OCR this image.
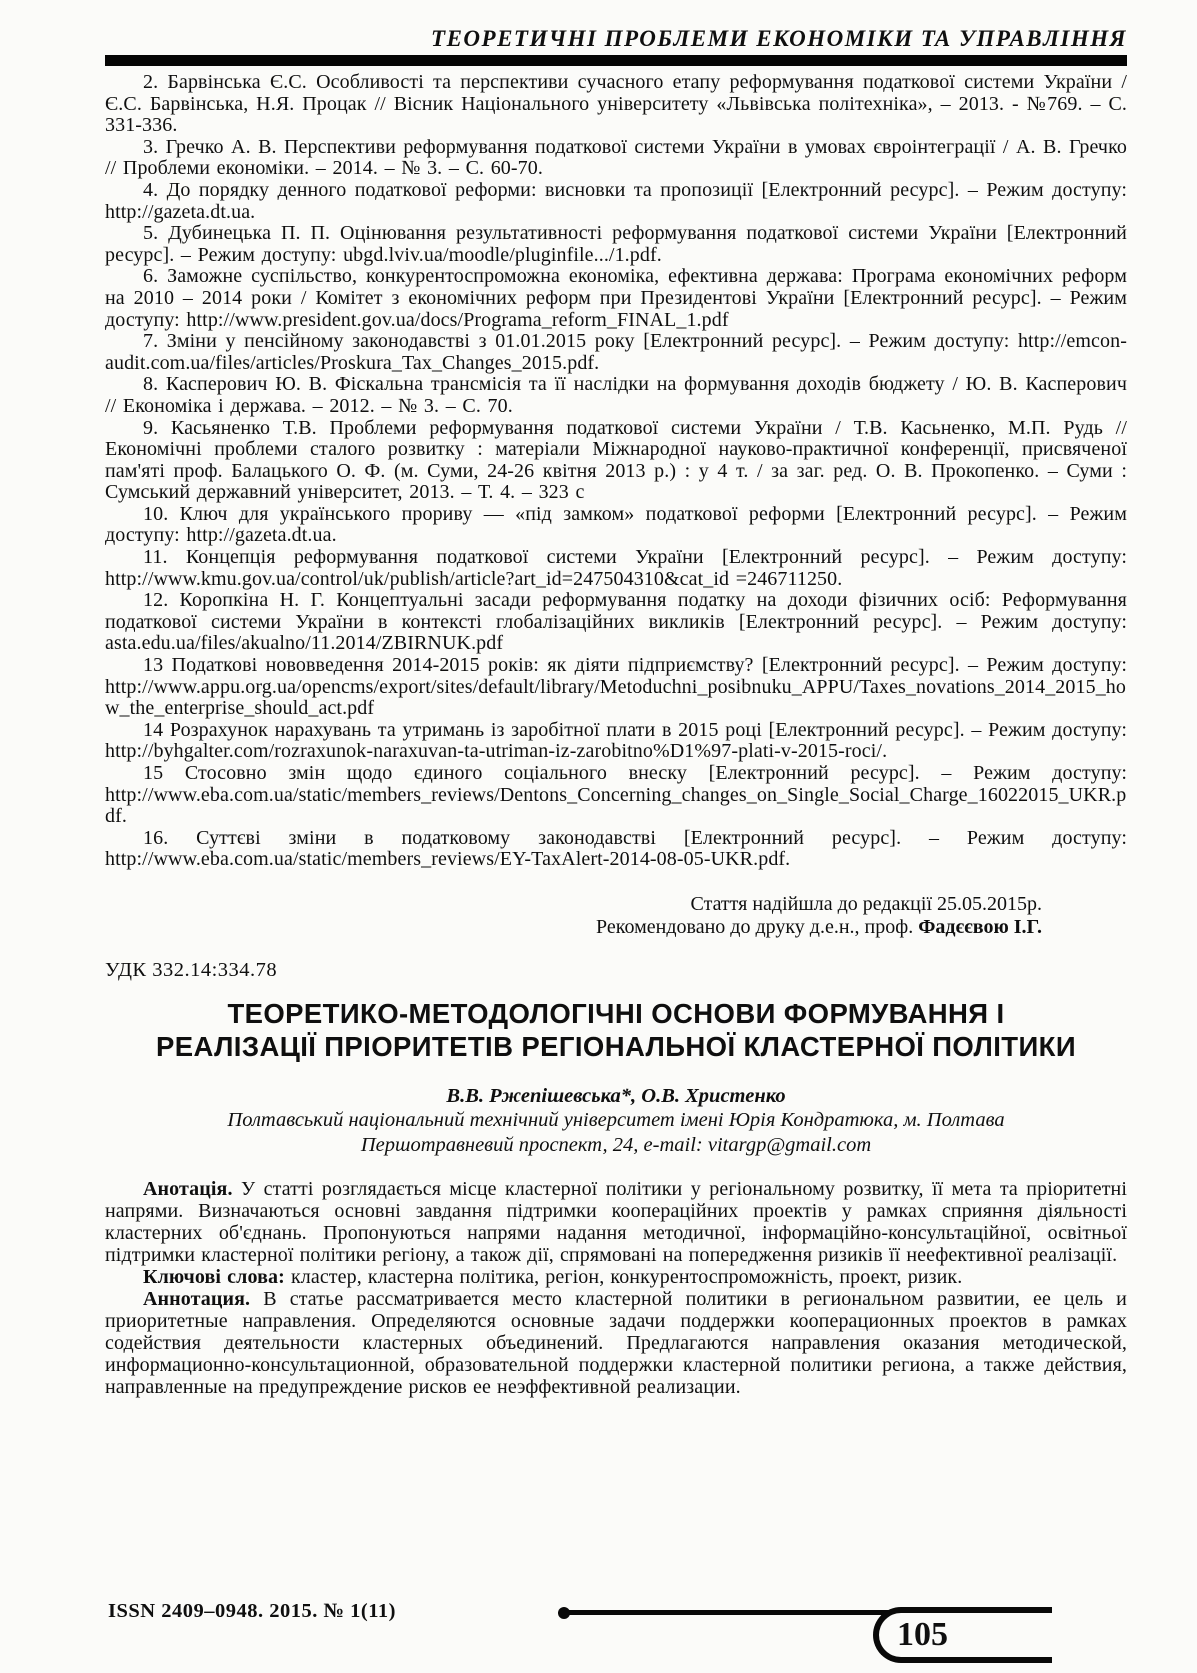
ТЕОРЕТИЧНІ ПРОБЛЕМИ ЕКОНОМІКИ ТА УПРАВЛІННЯ

2. Барвінська Є.С. Особливості та перспективи сучасного етапу реформування податкової системи України / Є.С. Барвінська, Н.Я. Процак // Вісник Національного університету «Львівська політехніка», – 2013. - №769. – С. 331-336.

3. Гречко А. В. Перспективи реформування податкової системи України в умовах євроінтеграції / А. В. Гречко // Проблеми економіки. – 2014. – № 3. – С. 60-70.

4. До порядку денного податкової реформи: висновки та пропозиції [Електронний ресурс]. – Режим доступу: http://gazeta.dt.ua.

5. Дубинецька П. П. Оцінювання результативності реформування податкової системи України [Електронний ресурс]. – Режим доступу: ubgd.lviv.ua/moodle/pluginfile.../1.pdf.

6. Заможне суспільство, конкурентоспроможна економіка, ефективна держава: Програма економічних реформ на 2010 – 2014 роки / Комітет з економічних реформ при Президентові України [Електронний ресурс]. – Режим доступу: http://www.president.gov.ua/docs/Programa_reform_FINAL_1.pdf

7. Зміни у пенсійному законодавстві з 01.01.2015 року [Електронний ресурс]. – Режим доступу: http://emcon-audit.com.ua/files/articles/Proskura_Tax_Changes_2015.pdf.

8. Касперович Ю. В. Фіскальна трансмісія та її наслідки на формування доходів бюджету / Ю. В. Касперович // Економіка і держава. – 2012. – № 3. – С. 70.

9. Касьяненко Т.В. Проблеми реформування податкової системи України / Т.В. Касьненко, М.П. Рудь // Економічні проблеми сталого розвитку : матеріали Міжнародної науково-практичної конференції, присвяченої пам'яті проф. Балацького О. Ф. (м. Суми, 24-26 квітня 2013 р.) : у 4 т. / за заг. ред. О. В. Прокопенко. – Суми : Сумський державний університет, 2013. – Т. 4. – 323 с

10. Ключ для українського прориву — «під замком» податкової реформи [Електронний ресурс]. – Режим доступу: http://gazeta.dt.ua.

11. Концепція реформування податкової системи України [Електронний ресурс]. – Режим доступу: http://www.kmu.gov.ua/control/uk/publish/article?art_id=247504310&cat_id =246711250.

12. Коропкіна Н. Г. Концептуальні засади реформування податку на доходи фізичних осіб: Реформування податкової системи України в контексті глобалізаційних викликів [Електронний ресурс]. – Режим доступу: asta.edu.ua/files/akualno/11.2014/ZBIRNUK.pdf

13 Податкові нововведення 2014-2015 років: як діяти підприємству? [Електронний ресурс]. – Режим доступу: http://www.appu.org.ua/opencms/export/sites/default/library/Metoduchni_posibnuku_APPU/Taxes_novations_2014_2015_how_the_enterprise_should_act.pdf

14 Розрахунок нарахувань та утримань із заробітної плати в 2015 році [Електронний ресурс]. – Режим доступу: http://byhgalter.com/rozraxunok-naraxuvan-ta-utriman-iz-zarobitno%D1%97-plati-v-2015-roci/.

15 Стосовно змін щодо єдиного соціального внеску [Електронний ресурс]. – Режим доступу: http://www.eba.com.ua/static/members_reviews/Dentons_Concerning_changes_on_Single_Social_Charge_16022015_UKR.pdf.

16. Суттєві зміни в податковому законодавстві [Електронний ресурс]. – Режим доступу: http://www.eba.com.ua/static/members_reviews/EY-TaxAlert-2014-08-05-UKR.pdf.

Стаття надійшла до редакції 25.05.2015р.

Рекомендовано до друку д.е.н., проф. Фадєєвою І.Г.

УДК 332.14:334.78

ТЕОРЕТИКО-МЕТОДОЛОГІЧНІ ОСНОВИ ФОРМУВАННЯ І
РЕАЛІЗАЦІЇ ПРІОРИТЕТІВ РЕГІОНАЛЬНОЇ КЛАСТЕРНОЇ ПОЛІТИКИ

В.В. Ржепішевська*, О.В. Христенко

Полтавський національний технічний університет імені Юрія Кондратюка, м. Полтава

Першотравневий проспект, 24, e-mail: vitargp@gmail.com

Анотація. У статті розглядається місце кластерної політики у регіональному розвитку, її мета та пріоритетні напрями. Визначаються основні завдання підтримки коопераційних проектів у рамках сприяння діяльності кластерних об'єднань. Пропонуються напрями надання методичної, інформаційно-консультаційної, освітньої підтримки кластерної політики регіону, а також дії, спрямовані на попередження ризиків її неефективної реалізації.

Ключові слова: кластер, кластерна політика, регіон, конкурентоспроможність, проект, ризик.

Аннотация. В статье рассматривается место кластерной политики в региональном развитии, ее цель и приоритетные направления. Определяются основные задачи поддержки кооперационных проектов в рамках содействия деятельности кластерных объединений. Предлагаются направления оказания методической, информационно-консультационной, образовательной поддержки кластерной политики региона, а также действия, направленные на предупреждение рисков ее неэффективной реализации.

ISSN 2409–0948. 2015. № 1(11)
105
